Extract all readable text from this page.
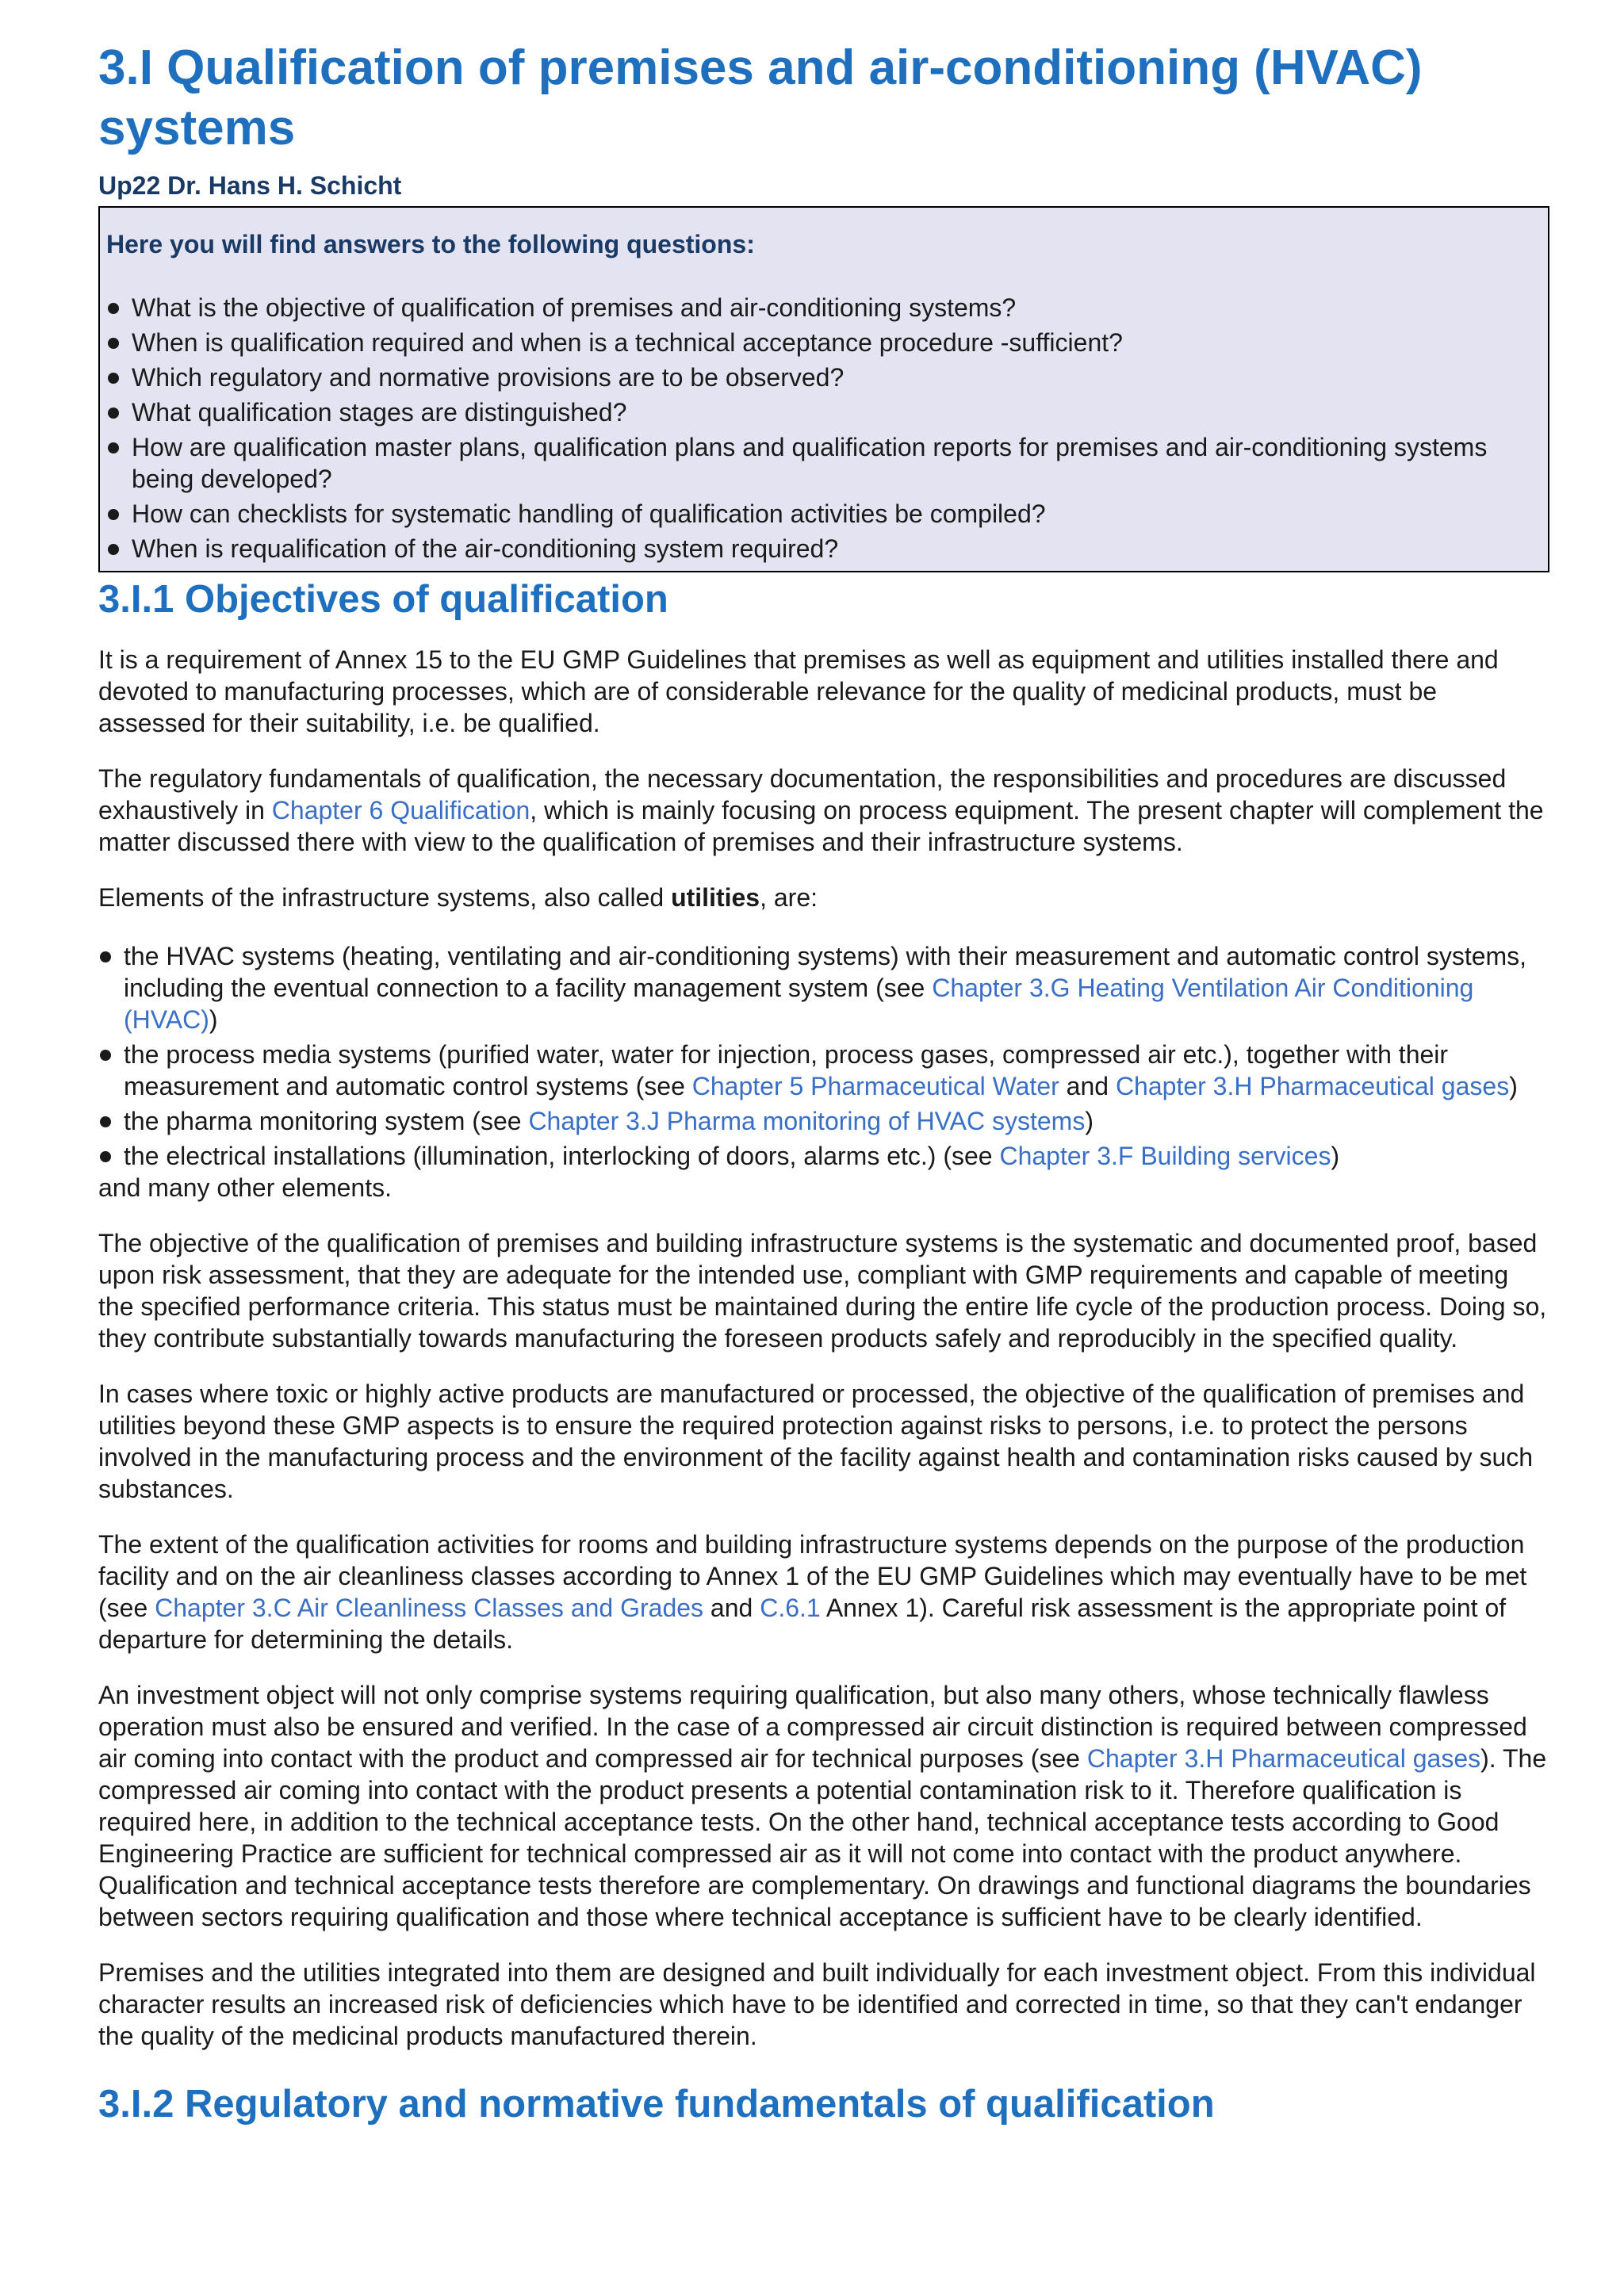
3.I Qualification of premises and air-conditioning (HVAC) systems
Up22 Dr. Hans H. Schicht
Here you will find answers to the following questions:
What is the objective of qualification of premises and air-conditioning systems?
When is qualification required and when is a technical acceptance procedure -sufficient?
Which regulatory and normative provisions are to be observed?
What qualification stages are distinguished?
How are qualification master plans, qualification plans and qualification reports for premises and air-conditioning systems being developed?
How can checklists for systematic handling of qualification activities be compiled?
When is requalification of the air-conditioning system required?
3.I.1 Objectives of qualification

It is a requirement of Annex 15 to the EU GMP Guidelines that premises as well as equipment and utilities installed there and devoted to manufacturing processes, which are of considerable relevance for the quality of medicinal products, must be assessed for their suitability, i.e. be qualified.

The regulatory fundamentals of qualification, the necessary documentation, the responsibilities and procedures are discussed exhaustively in Chapter 6 Qualification, which is mainly focusing on process equipment. The present chapter will complement the matter discussed there with view to the qualification of premises and their infrastructure systems.

Elements of the infrastructure systems, also called utilities, are:

the HVAC systems (heating, ventilating and air-conditioning systems) with their measurement and automatic control systems, including the eventual connection to a facility management system (see Chapter 3.G Heating Ventilation Air Conditioning (HVAC))
the process media systems (purified water, water for injection, process gases, compressed air etc.), together with their measurement and automatic control systems (see Chapter 5 Pharmaceutical Water and Chapter 3.H Pharmaceutical gases)
the pharma monitoring system (see Chapter 3.J Pharma monitoring of HVAC systems)
the electrical installations (illumination, interlocking of doors, alarms etc.) (see Chapter 3.F Building services)

and many other elements.

The objective of the qualification of premises and building infrastructure systems is the systematic and documented proof, based upon risk assessment, that they are adequate for the intended use, compliant with GMP requirements and capable of meeting the specified performance criteria. This status must be maintained during the entire life cycle of the production process. Doing so, they contribute substantially towards manufacturing the foreseen products safely and reproducibly in the specified quality.

In cases where toxic or highly active products are manufactured or processed, the objective of the qualification of premises and utilities beyond these GMP aspects is to ensure the required protection against risks to persons, i.e. to protect the persons involved in the manufacturing process and the environment of the facility against health and contamination risks caused by such substances.

The extent of the qualification activities for rooms and building infrastructure systems depends on the purpose of the production facility and on the air cleanliness classes according to Annex 1 of the EU GMP Guidelines which may eventually have to be met (see Chapter 3.C Air Cleanliness Classes and Grades and C.6.1 Annex 1). Careful risk assessment is the appropriate point of departure for determining the details.

An investment object will not only comprise systems requiring qualification, but also many others, whose technically flawless operation must also be ensured and verified. In the case of a compressed air circuit distinction is required between compressed air coming into contact with the product and compressed air for technical purposes (see Chapter 3.H Pharmaceutical gases). The compressed air coming into contact with the product presents a potential contamination risk to it. Therefore qualification is required here, in addition to the technical acceptance tests. On the other hand, technical acceptance tests according to Good Engineering Practice are sufficient for technical compressed air as it will not come into contact with the product anywhere. Qualification and technical acceptance tests therefore are complementary. On drawings and functional diagrams the boundaries between sectors requiring qualification and those where technical acceptance is sufficient have to be clearly identified.

Premises and the utilities integrated into them are designed and built individually for each investment object. From this individual character results an increased risk of deficiencies which have to be identified and corrected in time, so that they can't endanger the quality of the medicinal products manufactured therein.

3.I.2 Regulatory and normative fundamentals of qualification
